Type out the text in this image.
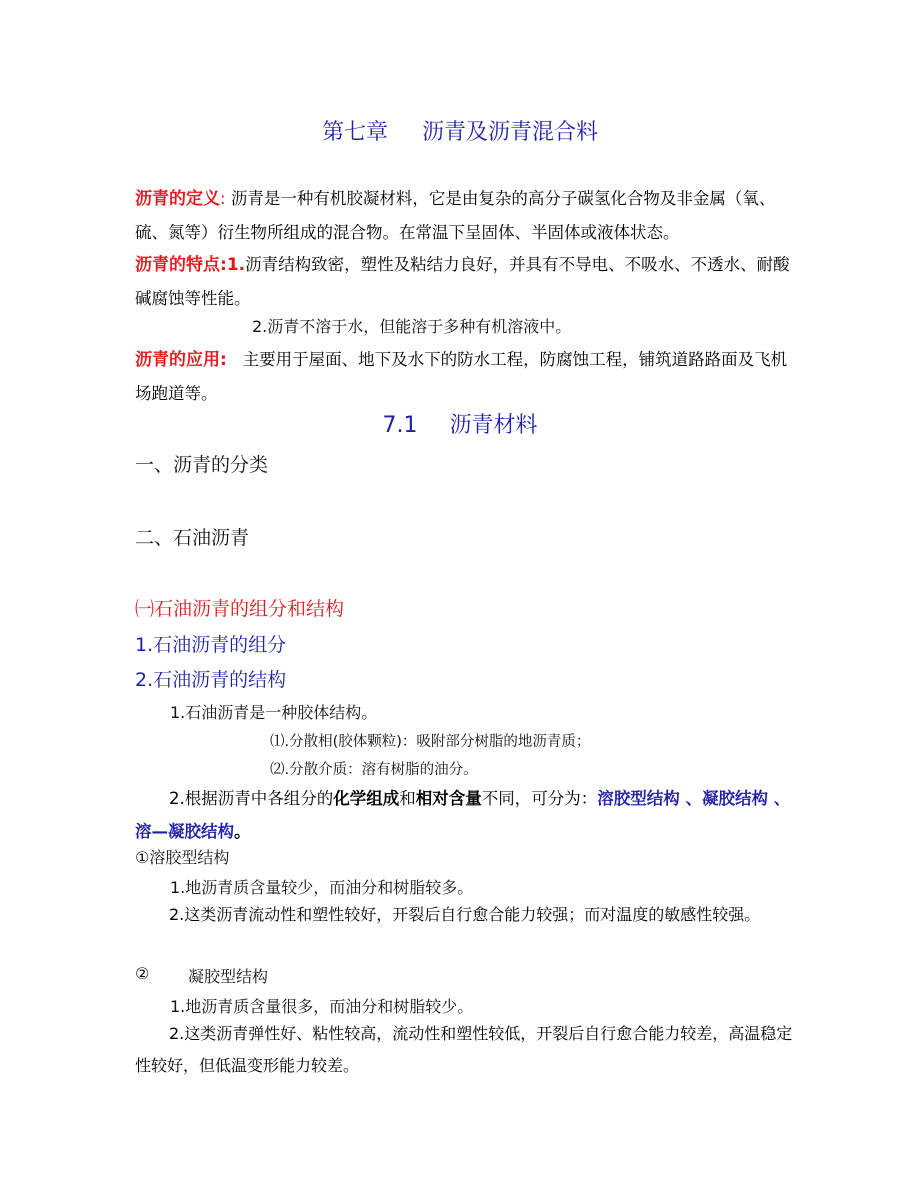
第七章 沥青及沥青混合料
沥青的定义: 沥青是一种有机胶凝材料，它是由复杂的高分子碳氢化合物及非金属（氧、硫、氮等）衍生物所组成的混合物。在常温下呈固体、半固体或液体状态。
沥青的特点:1.沥青结构致密，塑性及粘结力良好，并具有不导电、不吸水、不透水、耐酸碱腐蚀等性能。
2.沥青不溶于水，但能溶于多种有机溶液中。
沥青的应用: 主要用于屋面、地下及水下的防水工程，防腐蚀工程，铺筑道路路面及飞机场跑道等。
7.1 沥青材料
一、沥青的分类
二、石油沥青
㈠石油沥青的组分和结构
1.石油沥青的组分
2.石油沥青的结构
1.石油沥青是一种胶体结构。
⑴.分散相(胶体颗粒)：吸附部分树脂的地沥青质；
⑵.分散介质：溶有树脂的油分。
2.根据沥青中各组分的化学组成和相对含量不同，可分为：溶胶型结构 、凝胶结构 、溶—凝胶结构。
①溶胶型结构
1.地沥青质含量较少，而油分和树脂较多。
2.这类沥青流动性和塑性较好，开裂后自行愈合能力较强；而对温度的敏感性较强。
② 凝胶型结构
1.地沥青质含量很多，而油分和树脂较少。
2.这类沥青弹性好、粘性较高，流动性和塑性较低，开裂后自行愈合能力较差，高温稳定性较好，但低温变形能力较差。
